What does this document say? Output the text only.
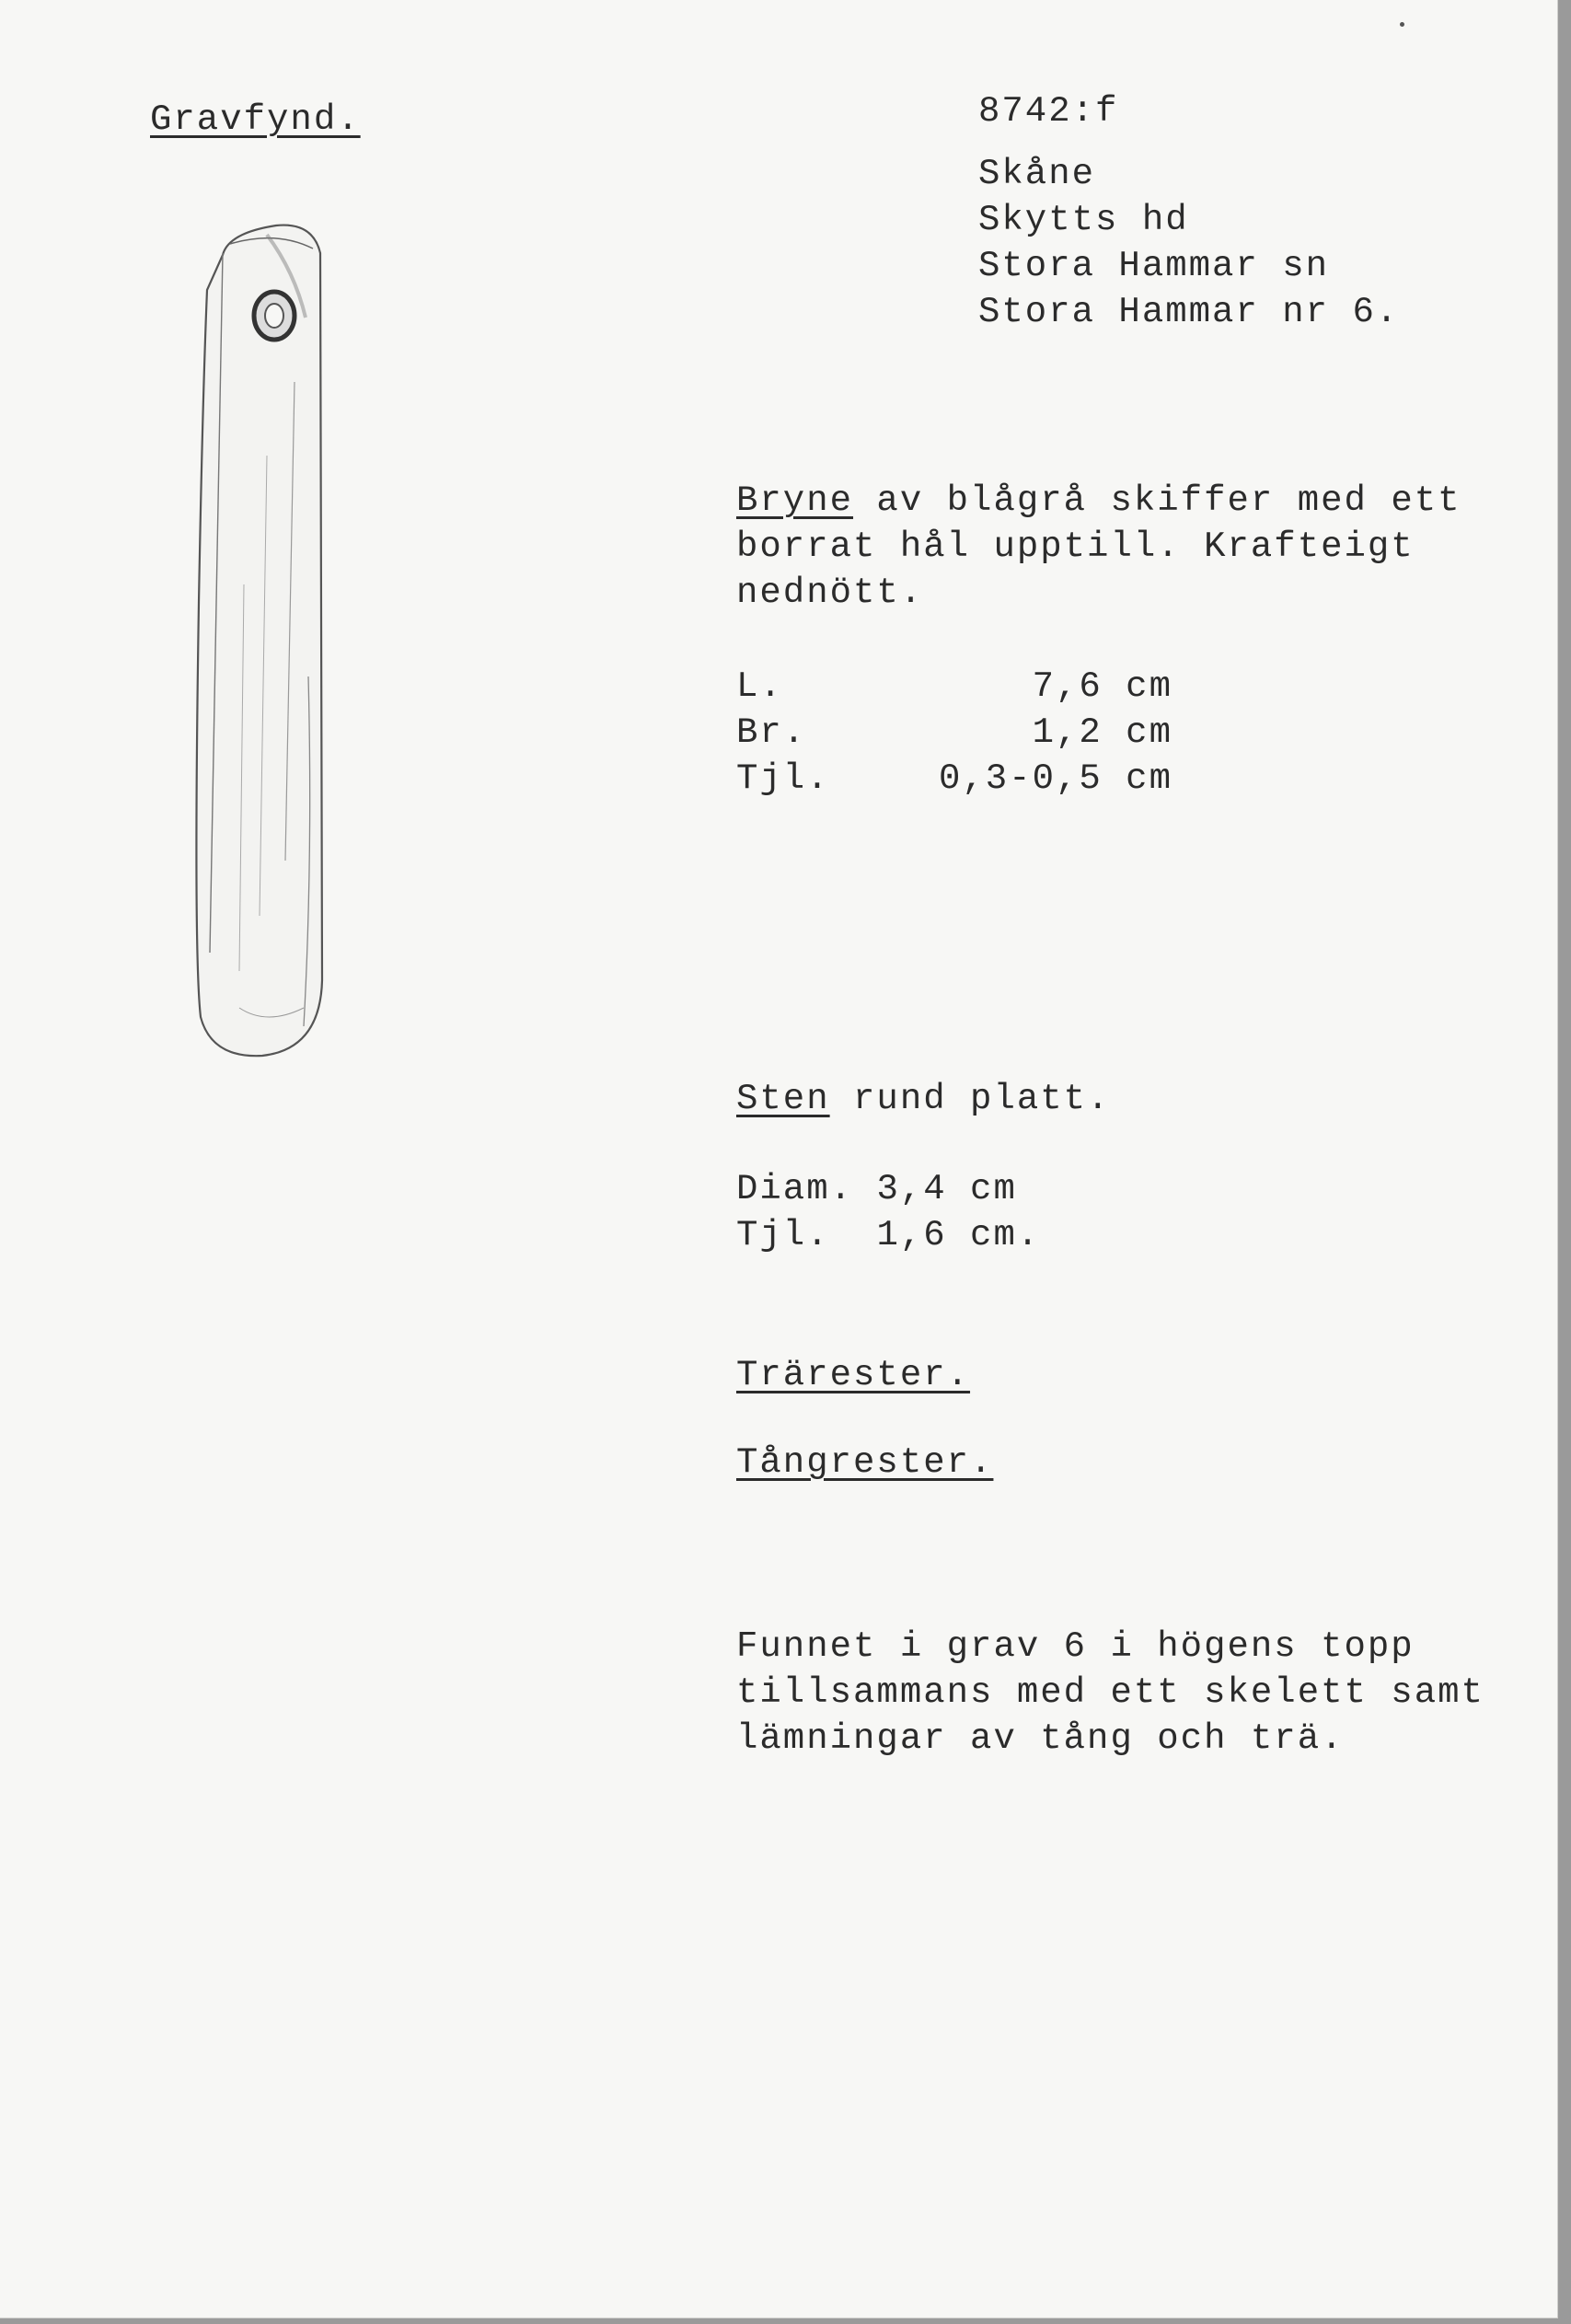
Gravfynd.	8742:f
Skåne
Skytts hd
Stora Hammar sn
Stora Hammar nr 6.
Bryne av blågrå skiffer med ett
borrat hål upptill. Krafteigt
nednött.
L.	7,6 cm
Br.	1,2 cm
Tjl.	0,3-0,5 cm
Sten rund platt.
Diam. 3,4 cm
Tjl. 1,6 cm.
Trärester.
Tångrester.
Funnet i grav 6 i högens topp
tillsammans med ett skelett samt
lämningar av tång och trä.
